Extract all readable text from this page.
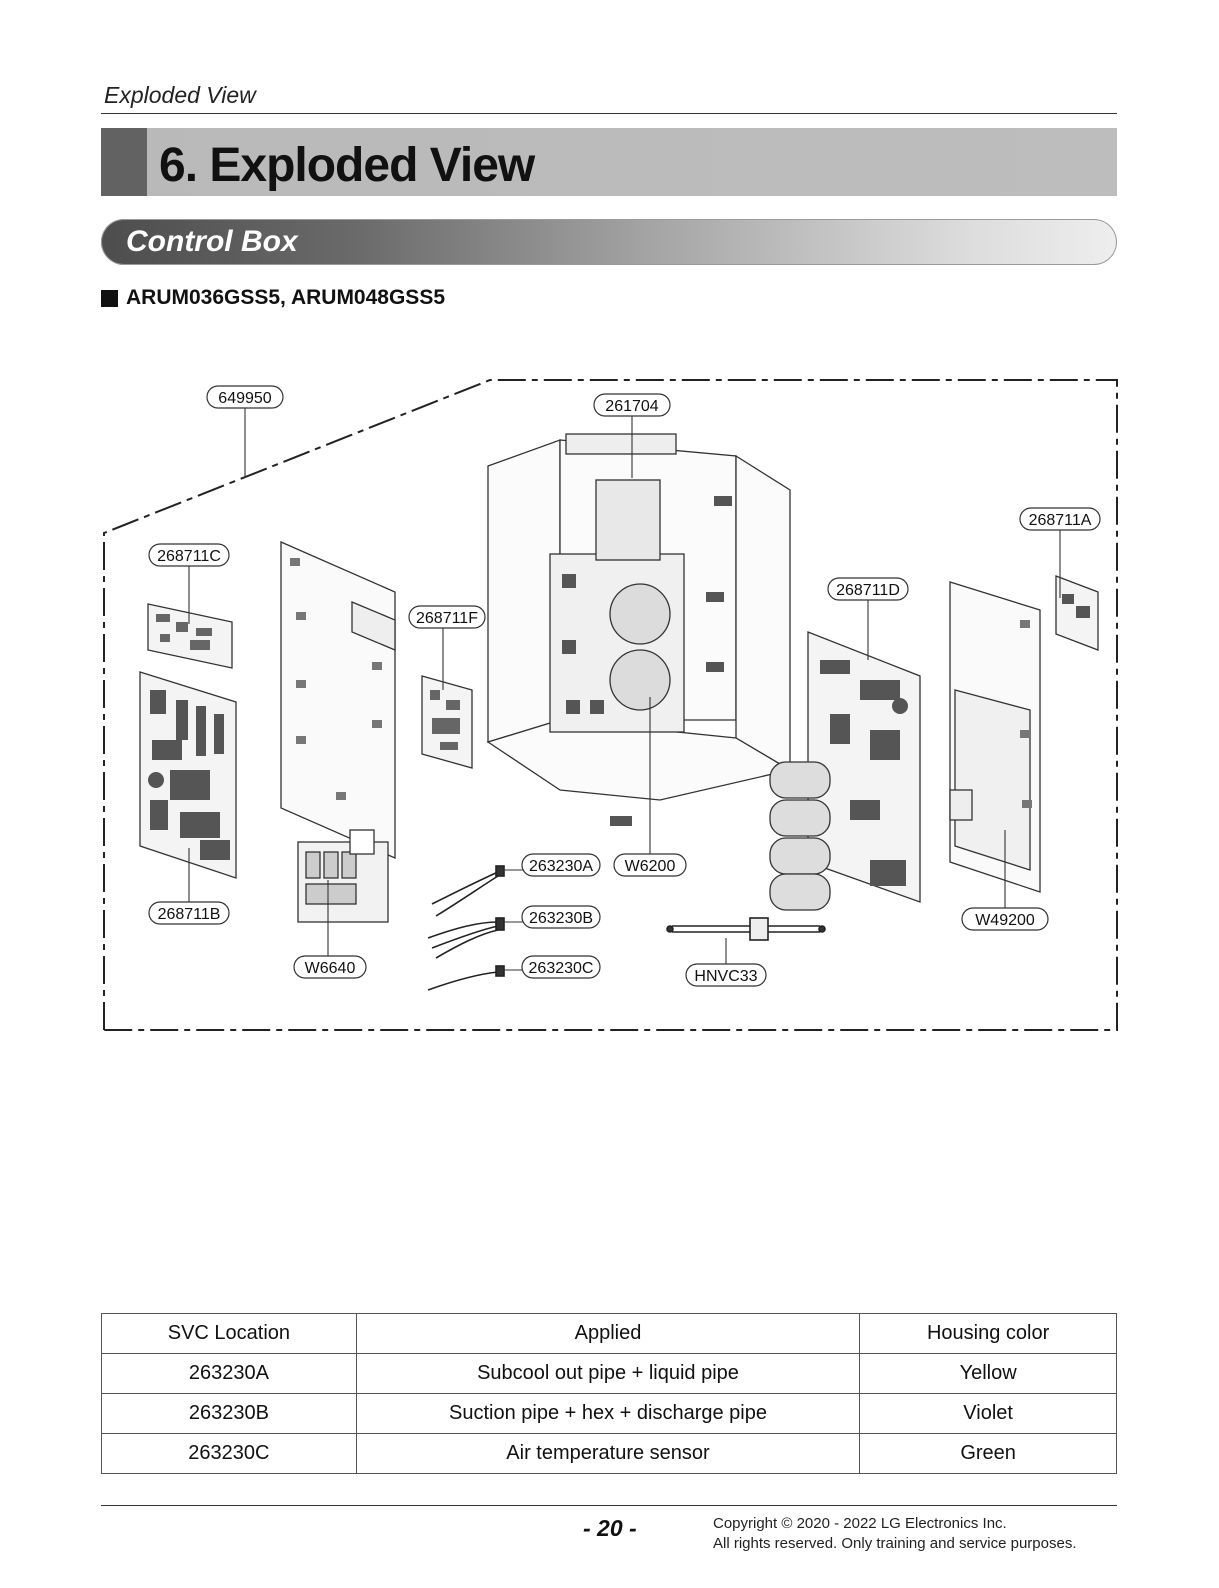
Exploded View
6. Exploded View
Control Box
ARUM036GSS5, ARUM048GSS5
649950	261704
268711A
268711C
268711D
268711F
268711B
263230A W6200
263230B	W49200
W6640	263230C	HNVC33
SVC Location	Applied	Housing color
263230A	Subcool out pipe + liquid pipe	Yellow
263230B	Suction pipe + hex + discharge pipe	Violet
263230C	Air temperature sensor	Green
- 20 -	Copyright © 2020 - 2022 LG Electronics Inc.
All rights reserved. Only training and service purposes.
